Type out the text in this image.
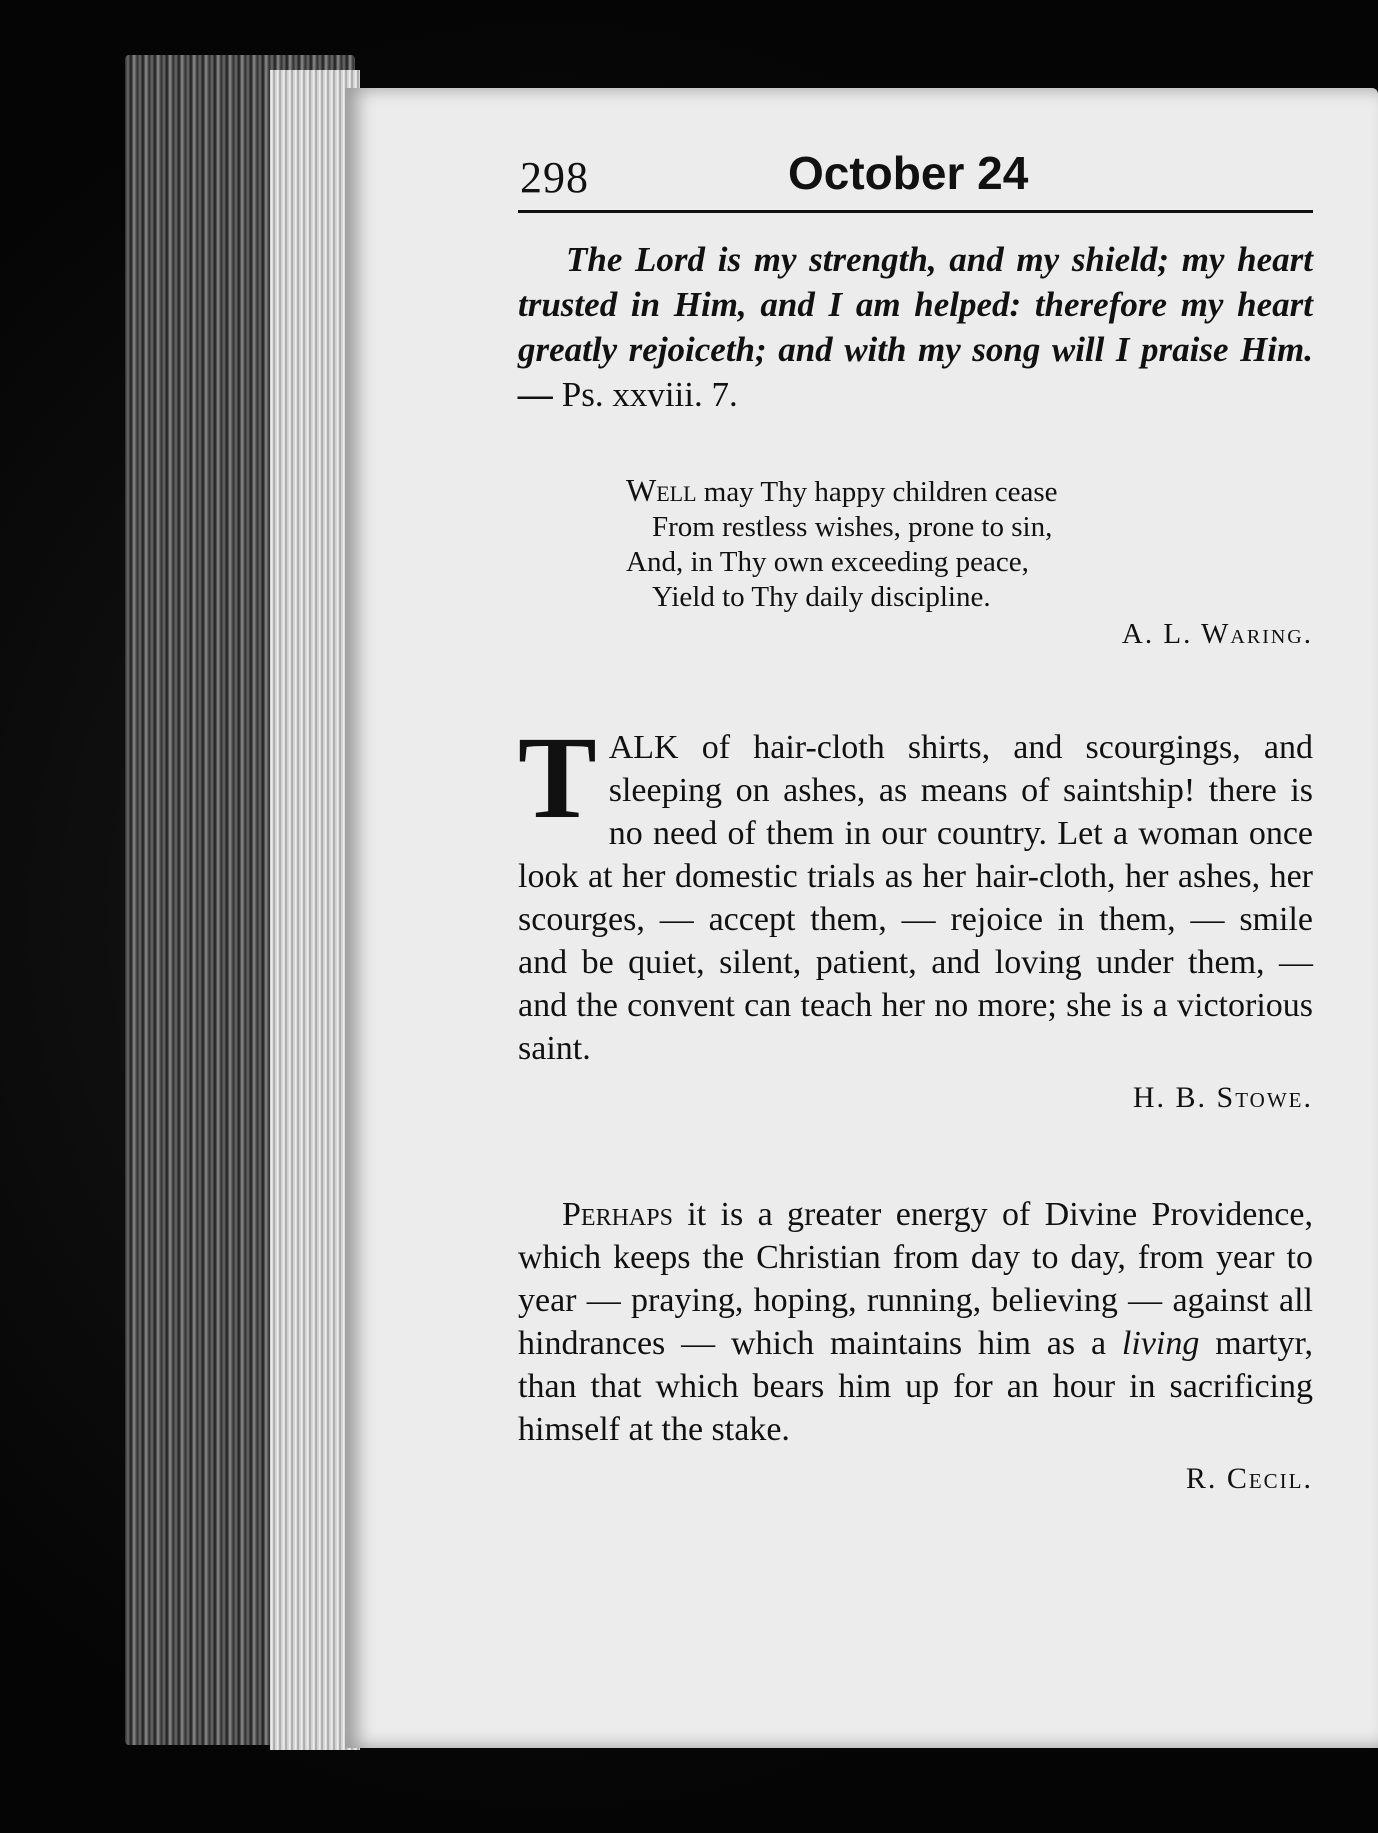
298	October 24
The Lord is my strength, and my shield; my heart trusted in Him, and I am helped: therefore my heart greatly rejoiceth; and with my song will I praise Him. — Ps. xxviii. 7.
Well may Thy happy children cease
From restless wishes, prone to sin,
And, in Thy own exceeding peace,
Yield to Thy daily discipline.
A. L. Waring.
T ALK of hair-cloth shirts, and scourgings, and sleeping on ashes, as means of saintship! there is no need of them in our country. Let a woman once look at her domestic trials as her hair-cloth, her ashes, her scourges, — accept them, — rejoice in them, — smile and be quiet, silent, patient, and loving under them, — and the convent can teach her no more; she is a victorious saint.
H. B. Stowe.
Perhaps it is a greater energy of Divine Providence, which keeps the Christian from day to day, from year to year — praying, hoping, running, believing — against all hindrances — which maintains him as a living martyr, than that which bears him up for an hour in sacrificing himself at the stake.
R. Cecil.
